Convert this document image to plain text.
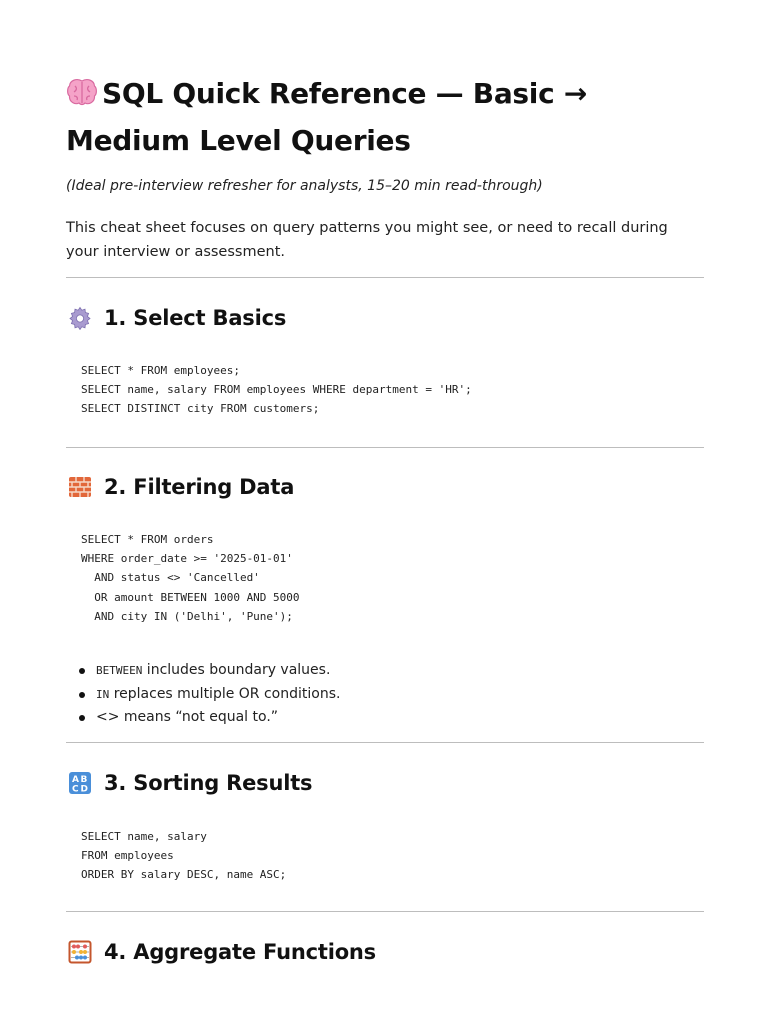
SQL Quick Reference — Basic → Medium Level Queries
(Ideal pre-interview refresher for analysts, 15–20 min read-through)
This cheat sheet focuses on query patterns you might see, or need to recall during your interview or assessment.
1. Select Basics
SELECT * FROM employees;
SELECT name, salary FROM employees WHERE department = 'HR';
SELECT DISTINCT city FROM customers;
2. Filtering Data
SELECT * FROM orders
WHERE order_date >= '2025-01-01'
AND status <> 'Cancelled'
OR amount BETWEEN 1000 AND 5000
AND city IN ('Delhi', 'Pune');
BETWEEN includes boundary values.
IN replaces multiple OR conditions.
<> means “not equal to.”
A B
C D 3. Sorting Results
SELECT name, salary
FROM employees
ORDER BY salary DESC, name ASC;
4. Aggregate Functions
